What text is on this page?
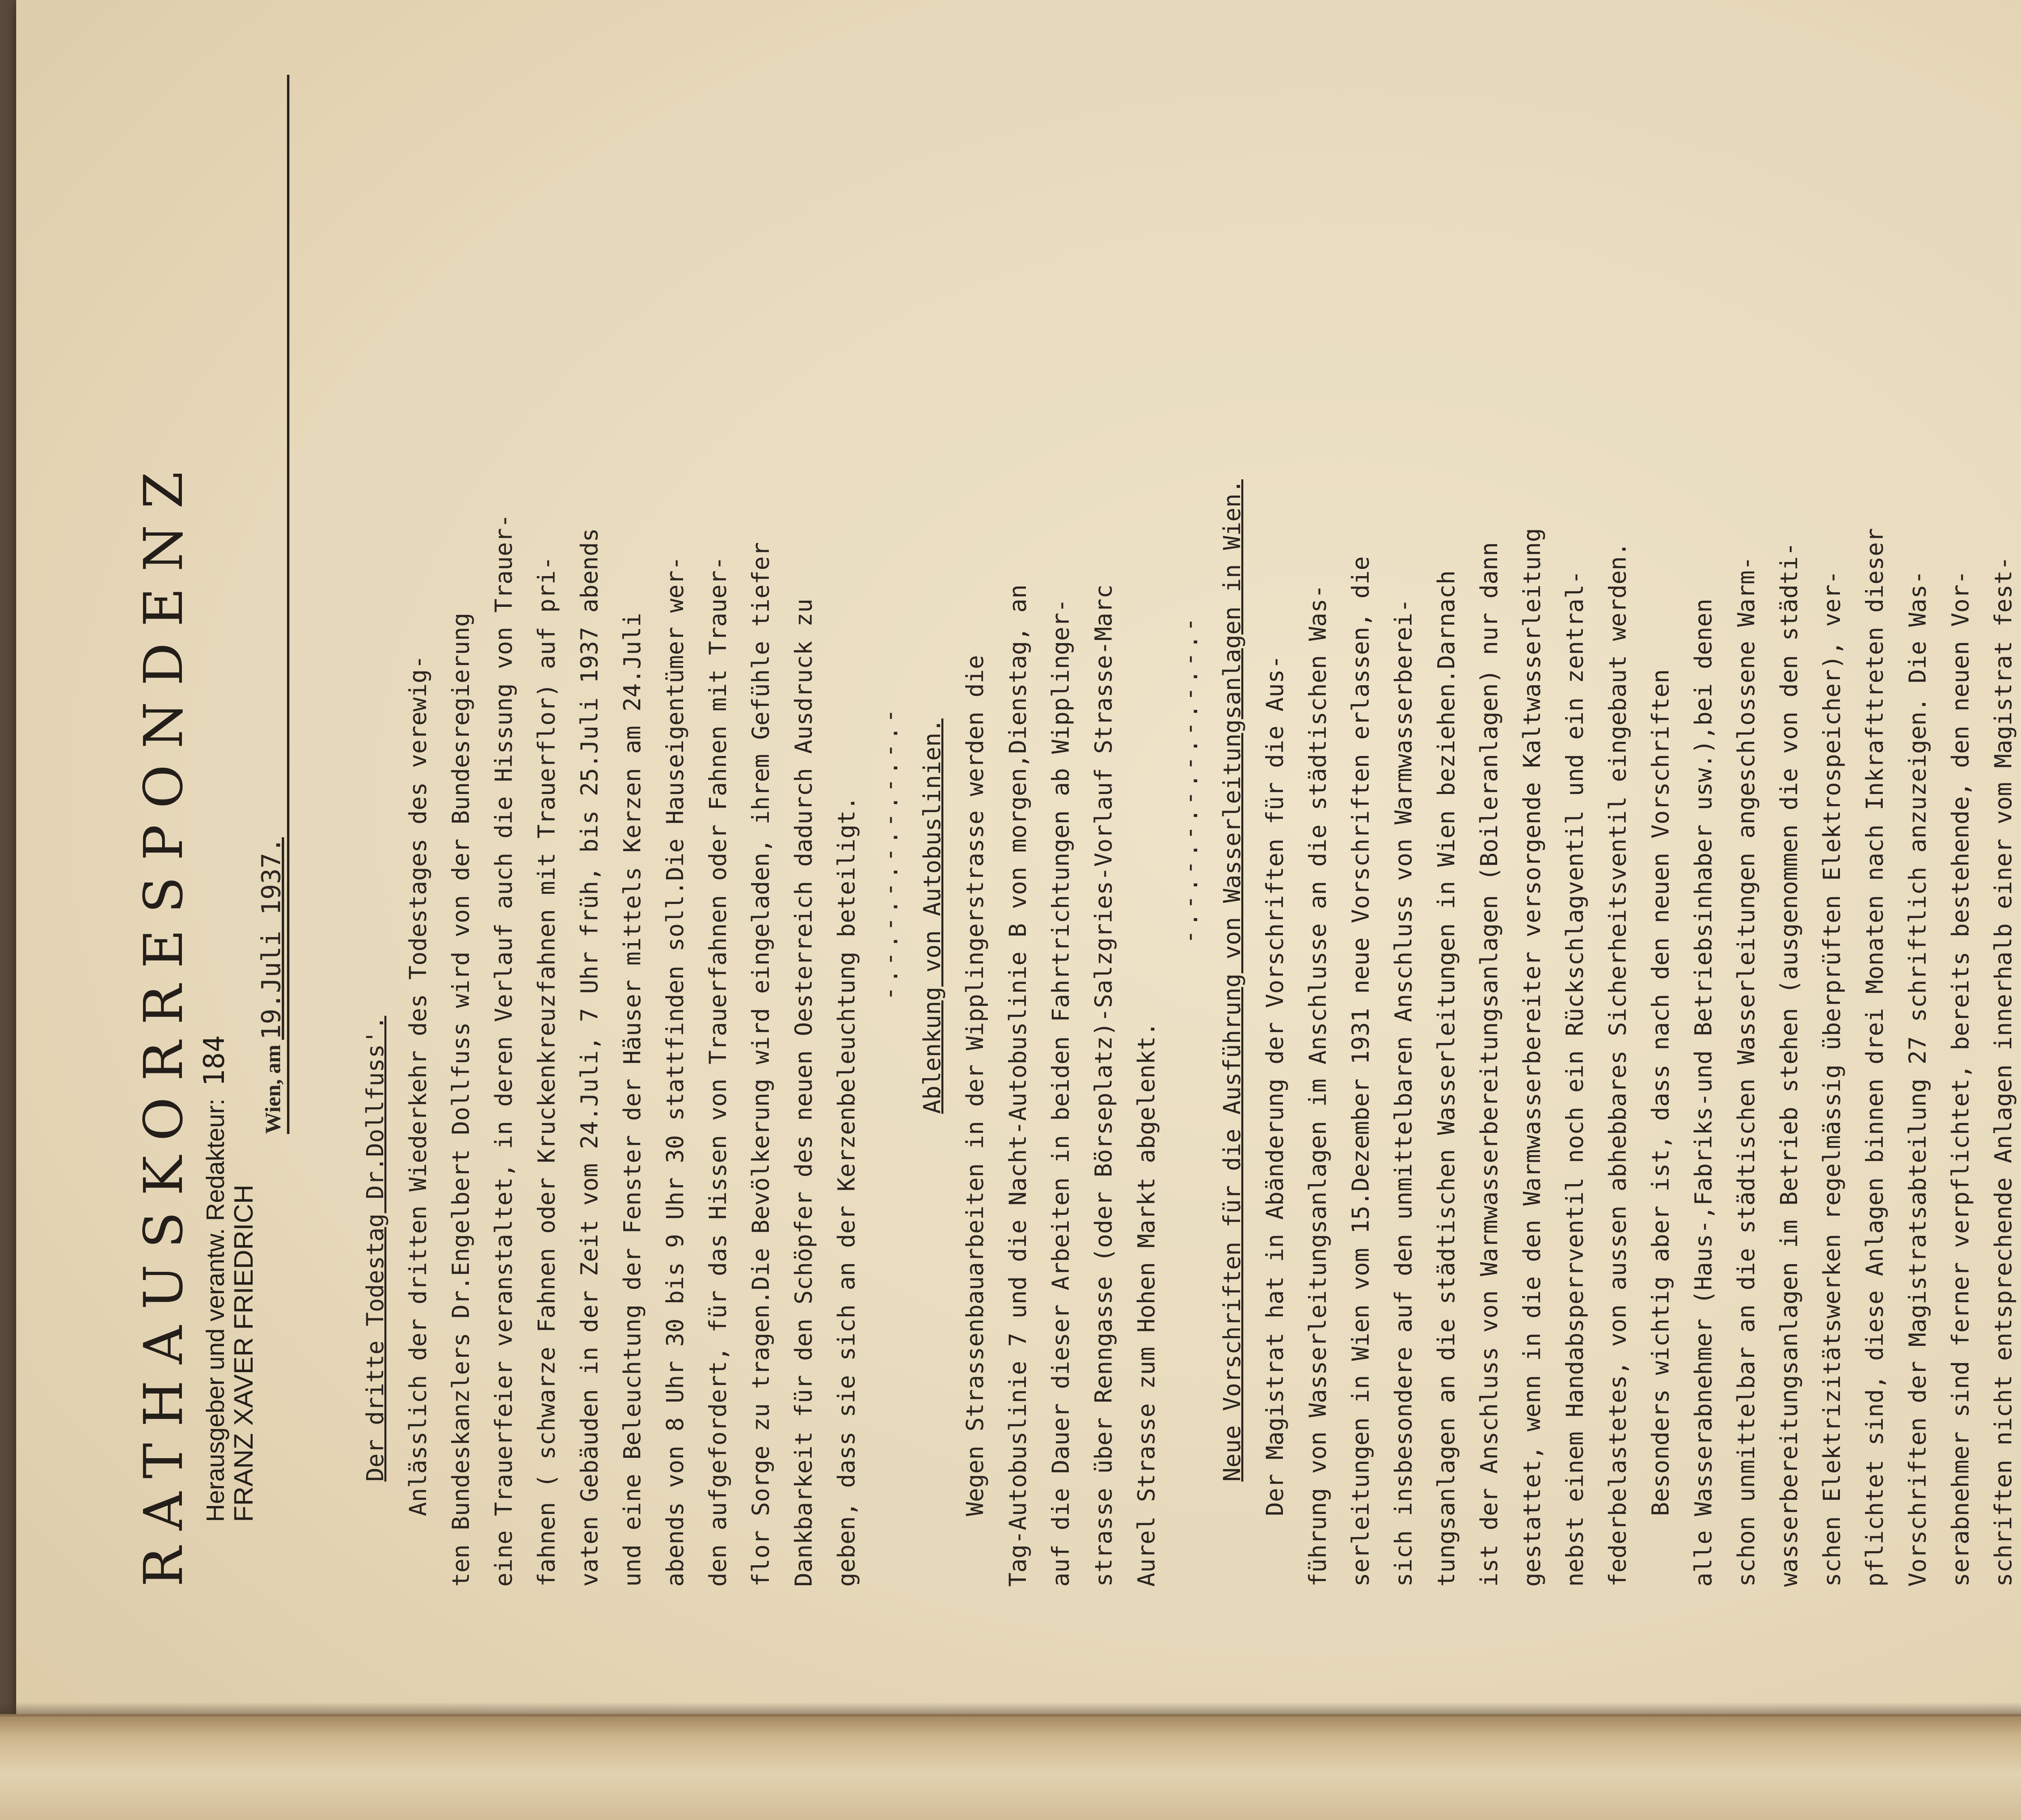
RATHAUSKORRESPONDENZ Herausgeber und verantw. Redakteur:184
FRANZ XAVER FRIEDRICH
Wien, am19.Juli 1937.
Der dritte Todestag Dr.Dollfuss'. Anlässlich der dritten Wiederkehr des Todestages des verewig- ten Bundeskanzlers Dr.Engelbert Dollfuss wird von der Bundesregierung eine Trauerfeier veranstaltet, in deren Verlauf auch die Hissung von Trauer- fahnen ( schwarze Fahnen oder Kruckenkreuzfahnen mit Trauerflor) auf pri- vaten Gebäuden in der Zeit vom 24.Juli, 7 Uhr früh, bis 25.Juli 1937 abends und eine Beleuchtung der Fenster der Häuser mittels Kerzen am 24.Juli abends von 8 Uhr 30 bis 9 Uhr 30 stattfinden soll.Die Hauseigentümer wer- den aufgefordert, für das Hissen von Trauerfahnen oder Fahnen mit Trauer- flor Sorge zu tragen.Die Bevölkerung wird eingeladen, ihrem Gefühle tiefer Dankbarkeit für den Schöpfer des neuen Oesterreich dadurch Ausdruck zu geben, dass sie sich an der Kerzenbeleuchtung beteiligt. -.-.-.-.-.-.-.-.- Ablenkung von Autobuslinien. Wegen Strassenbauarbeiten in der Wipplingerstrasse werden die Tag-Autobuslinie 7 und die Nacht-Autobuslinie B von morgen,Dienstag, an auf die Dauer dieser Arbeiten in beiden Fahrtrichtungen ab Wipplinger- strasse über Renngasse (oder Börseplatz)-Salzgries-Vorlauf Strasse-Marc Aurel Strasse zum Hohen Markt abgelenkt.
-.-.-.-.-.-.-.-.-.- Neue Vorschriften für die Ausführung von Wasserleitungsanlagen in Wien. Der Magistrat hat in Abänderung der Vorschriften für die Aus- führung von Wasserleitungsanlagen im Anschlusse an die städtischen Was- serleitungen in Wien vom 15.Dezember 1931 neue Vorschriften erlassen, die sich insbesondere auf den unmittelbaren Anschluss von Warmwasserberei- tungsanlagen an die städtischen Wasserleitungen in Wien beziehen.Darnach ist der Anschluss von Warmwasserbereitungsanlagen (Boileranlagen) nur dann gestattet, wenn in die den Warmwasserbereiter versorgende Kaltwasserleitung nebst einem Handabsperrventil noch ein Rückschlagventil und ein zentral- federbelastetes, von aussen abhebbares Sicherheitsventil eingebaut werden. Besonders wichtig aber ist, dass nach den neuen Vorschriften alle Wasserabnehmer (Haus-,Fabriks-und Betriebsinhaber usw.),bei denen schon unmittelbar an die städtischen Wasserleitungen angeschlossene Warm- wasserbereitungsanlagen im Betrieb stehen (ausgenommen die von den städti- schen Elektrizitätswerken regelmässig überprüften Elektrospeicher), ver- pflichtet sind, diese Anlagen binnen drei Monaten nach Inkrafttreten dieser Vorschriften der Magistratsabteilung 27 schriftlich anzuzeigen. Die Was- serabnehmer sind ferner verpflichtet, bereits bestehende, den neuen Vor- schriften nicht entsprechende Anlagen innerhalb einer vom Magistrat fest-
